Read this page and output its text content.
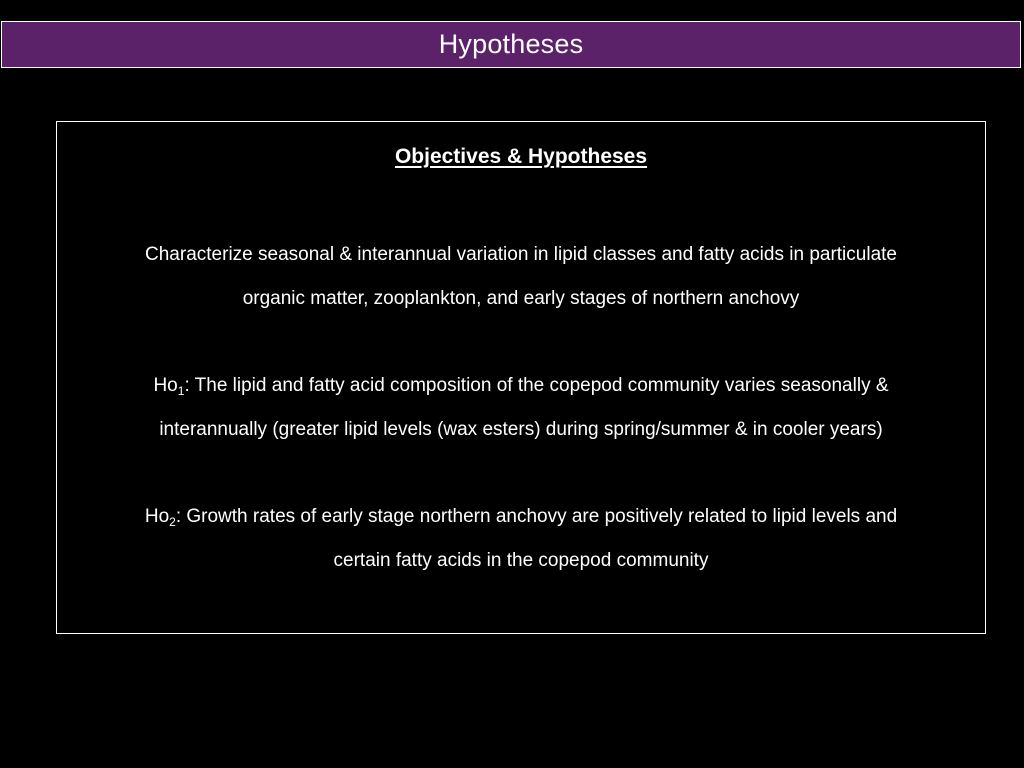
Hypotheses
Objectives & Hypotheses
Characterize seasonal & interannual variation in lipid classes and fatty acids in particulate
organic matter, zooplankton, and early stages of northern anchovy
$Ho_1$: The lipid and fatty acid composition of the copepod community varies seasonally &
interannually (greater lipid levels (wax esters) during spring/summer & in cooler years)
$Ho_2$: Growth rates of early stage northern anchovy are positively related to lipid levels and
certain fatty acids in the copepod community
